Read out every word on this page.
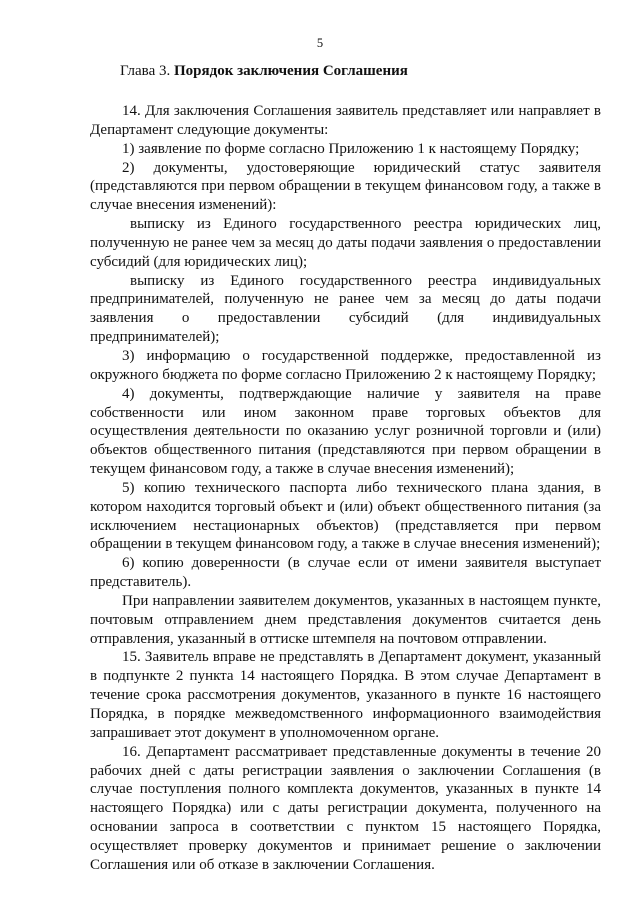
5
Глава 3. Порядок заключения Соглашения

14. Для заключения Соглашения заявитель представляет или направляет в Департамент следующие документы:

1) заявление по форме согласно Приложению 1 к настоящему Порядку;

2) документы, удостоверяющие юридический статус заявителя (представляются при первом обращении в текущем финансовом году, а также в случае внесения изменений):

выписку из Единого государственного реестра юридических лиц, полученную не ранее чем за месяц до даты подачи заявления о предоставлении субсидий (для юридических лиц);

выписку из Единого государственного реестра индивидуальных предпринимателей, полученную не ранее чем за месяц до даты подачи заявления о предоставлении субсидий (для индивидуальных предпринимателей);

3) информацию о государственной поддержке, предоставленной из окружного бюджета по форме согласно Приложению 2 к настоящему Порядку;

4) документы, подтверждающие наличие у заявителя на праве собственности или ином законном праве торговых объектов для осуществления деятельности по оказанию услуг розничной торговли и (или) объектов общественного питания (представляются при первом обращении в текущем финансовом году, а также в случае внесения изменений);

5) копию технического паспорта либо технического плана здания, в котором находится торговый объект и (или) объект общественного питания (за исключением нестационарных объектов) (представляется при первом обращении в текущем финансовом году, а также в случае внесения изменений);

6) копию доверенности (в случае если от имени заявителя выступает представитель).

При направлении заявителем документов, указанных в настоящем пункте, почтовым отправлением днем представления документов считается день отправления, указанный в оттиске штемпеля на почтовом отправлении.

15. Заявитель вправе не представлять в Департамент документ, указанный в подпункте 2 пункта 14 настоящего Порядка. В этом случае Департамент в течение срока рассмотрения документов, указанного в пункте 16 настоящего Порядка, в порядке межведомственного информационного взаимодействия запрашивает этот документ в уполномоченном органе.

16. Департамент рассматривает представленные документы в течение 20 рабочих дней с даты регистрации заявления о заключении Соглашения (в случае поступления полного комплекта документов, указанных в пункте 14 настоящего Порядка) или с даты регистрации документа, полученного на основании запроса в соответствии с пунктом 15 настоящего Порядка, осуществляет проверку документов и принимает решение о заключении Соглашения или об отказе в заключении Соглашения.
